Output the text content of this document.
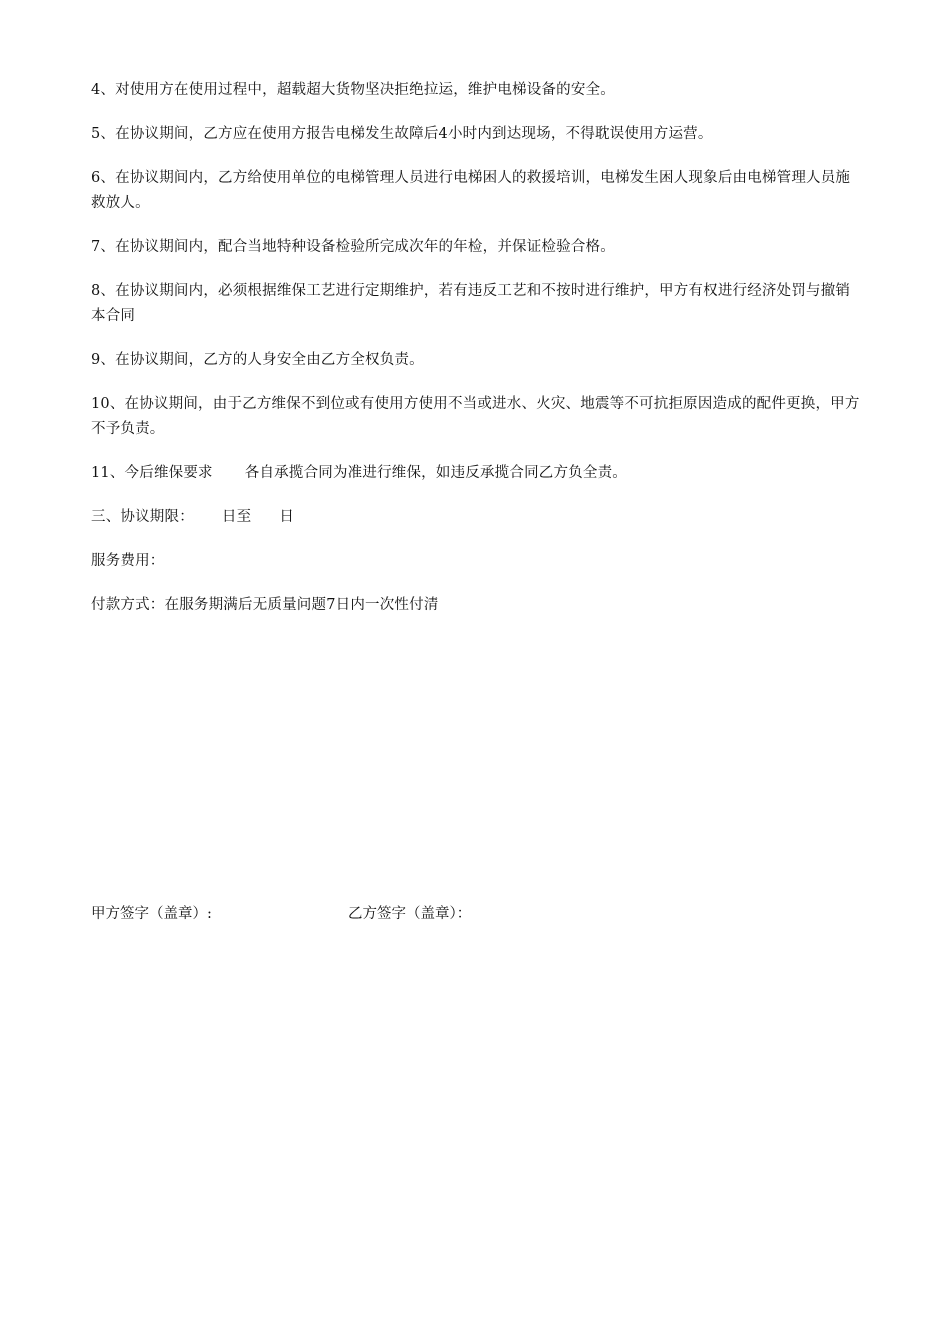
4、对使用方在使用过程中，超载超大货物坚决拒绝拉运，维护电梯设备的安全。

5、在协议期间，乙方应在使用方报告电梯发生故障后4小时内到达现场，不得耽误使用方运营。

6、在协议期间内，乙方给使用单位的电梯管理人员进行电梯困人的救援培训，电梯发生困人现象后由电梯管理人员施救放人。

7、在协议期间内，配合当地特种设备检验所完成次年的年检，并保证检验合格。

8、在协议期间内，必须根据维保工艺进行定期维护，若有违反工艺和不按时进行维护，甲方有权进行经济处罚与撤销本合同

9、在协议期间，乙方的人身安全由乙方全权负责。

10、在协议期间，由于乙方维保不到位或有使用方使用不当或进水、火灾、地震等不可抗拒原因造成的配件更换，甲方不予负责。

11、今后维保要求 各自承揽合同为准进行维保，如违反承揽合同乙方负全责。

三、协议期限： 日至 日

服务费用：

付款方式：在服务期满后无质量问题7日内一次性付清

甲方签字（盖章）:	乙方签字（盖章）：
